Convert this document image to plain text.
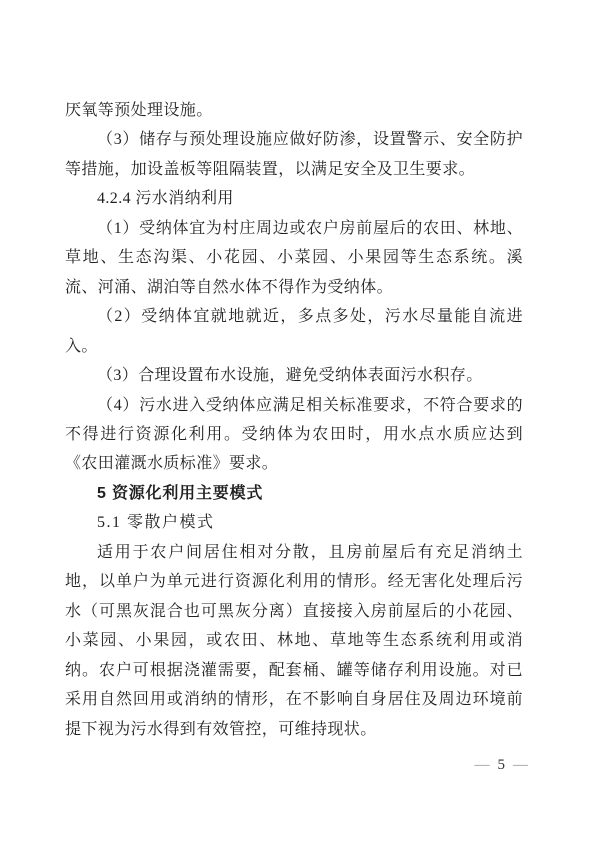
厌氧等预处理设施。

（3）储存与预处理设施应做好防渗，设置警示、安全防护等措施，加设盖板等阻隔装置，以满足安全及卫生要求。

4.2.4 污水消纳利用

（1）受纳体宜为村庄周边或农户房前屋后的农田、林地、草地、生态沟渠、小花园、小菜园、小果园等生态系统。溪流、河涌、湖泊等自然水体不得作为受纳体。

（2）受纳体宜就地就近，多点多处，污水尽量能自流进入。

（3）合理设置布水设施，避免受纳体表面污水积存。

（4）污水进入受纳体应满足相关标准要求，不符合要求的不得进行资源化利用。受纳体为农田时，用水点水质应达到《农田灌溉水质标准》要求。

5 资源化利用主要模式

5.1 零散户模式

适用于农户间居住相对分散，且房前屋后有充足消纳土地，以单户为单元进行资源化利用的情形。经无害化处理后污水（可黑灰混合也可黑灰分离）直接接入房前屋后的小花园、小菜园、小果园，或农田、林地、草地等生态系统利用或消纳。农户可根据浇灌需要，配套桶、罐等储存利用设施。对已采用自然回用或消纳的情形，在不影响自身居住及周边环境前提下视为污水得到有效管控，可维持现状。

— 5 —
